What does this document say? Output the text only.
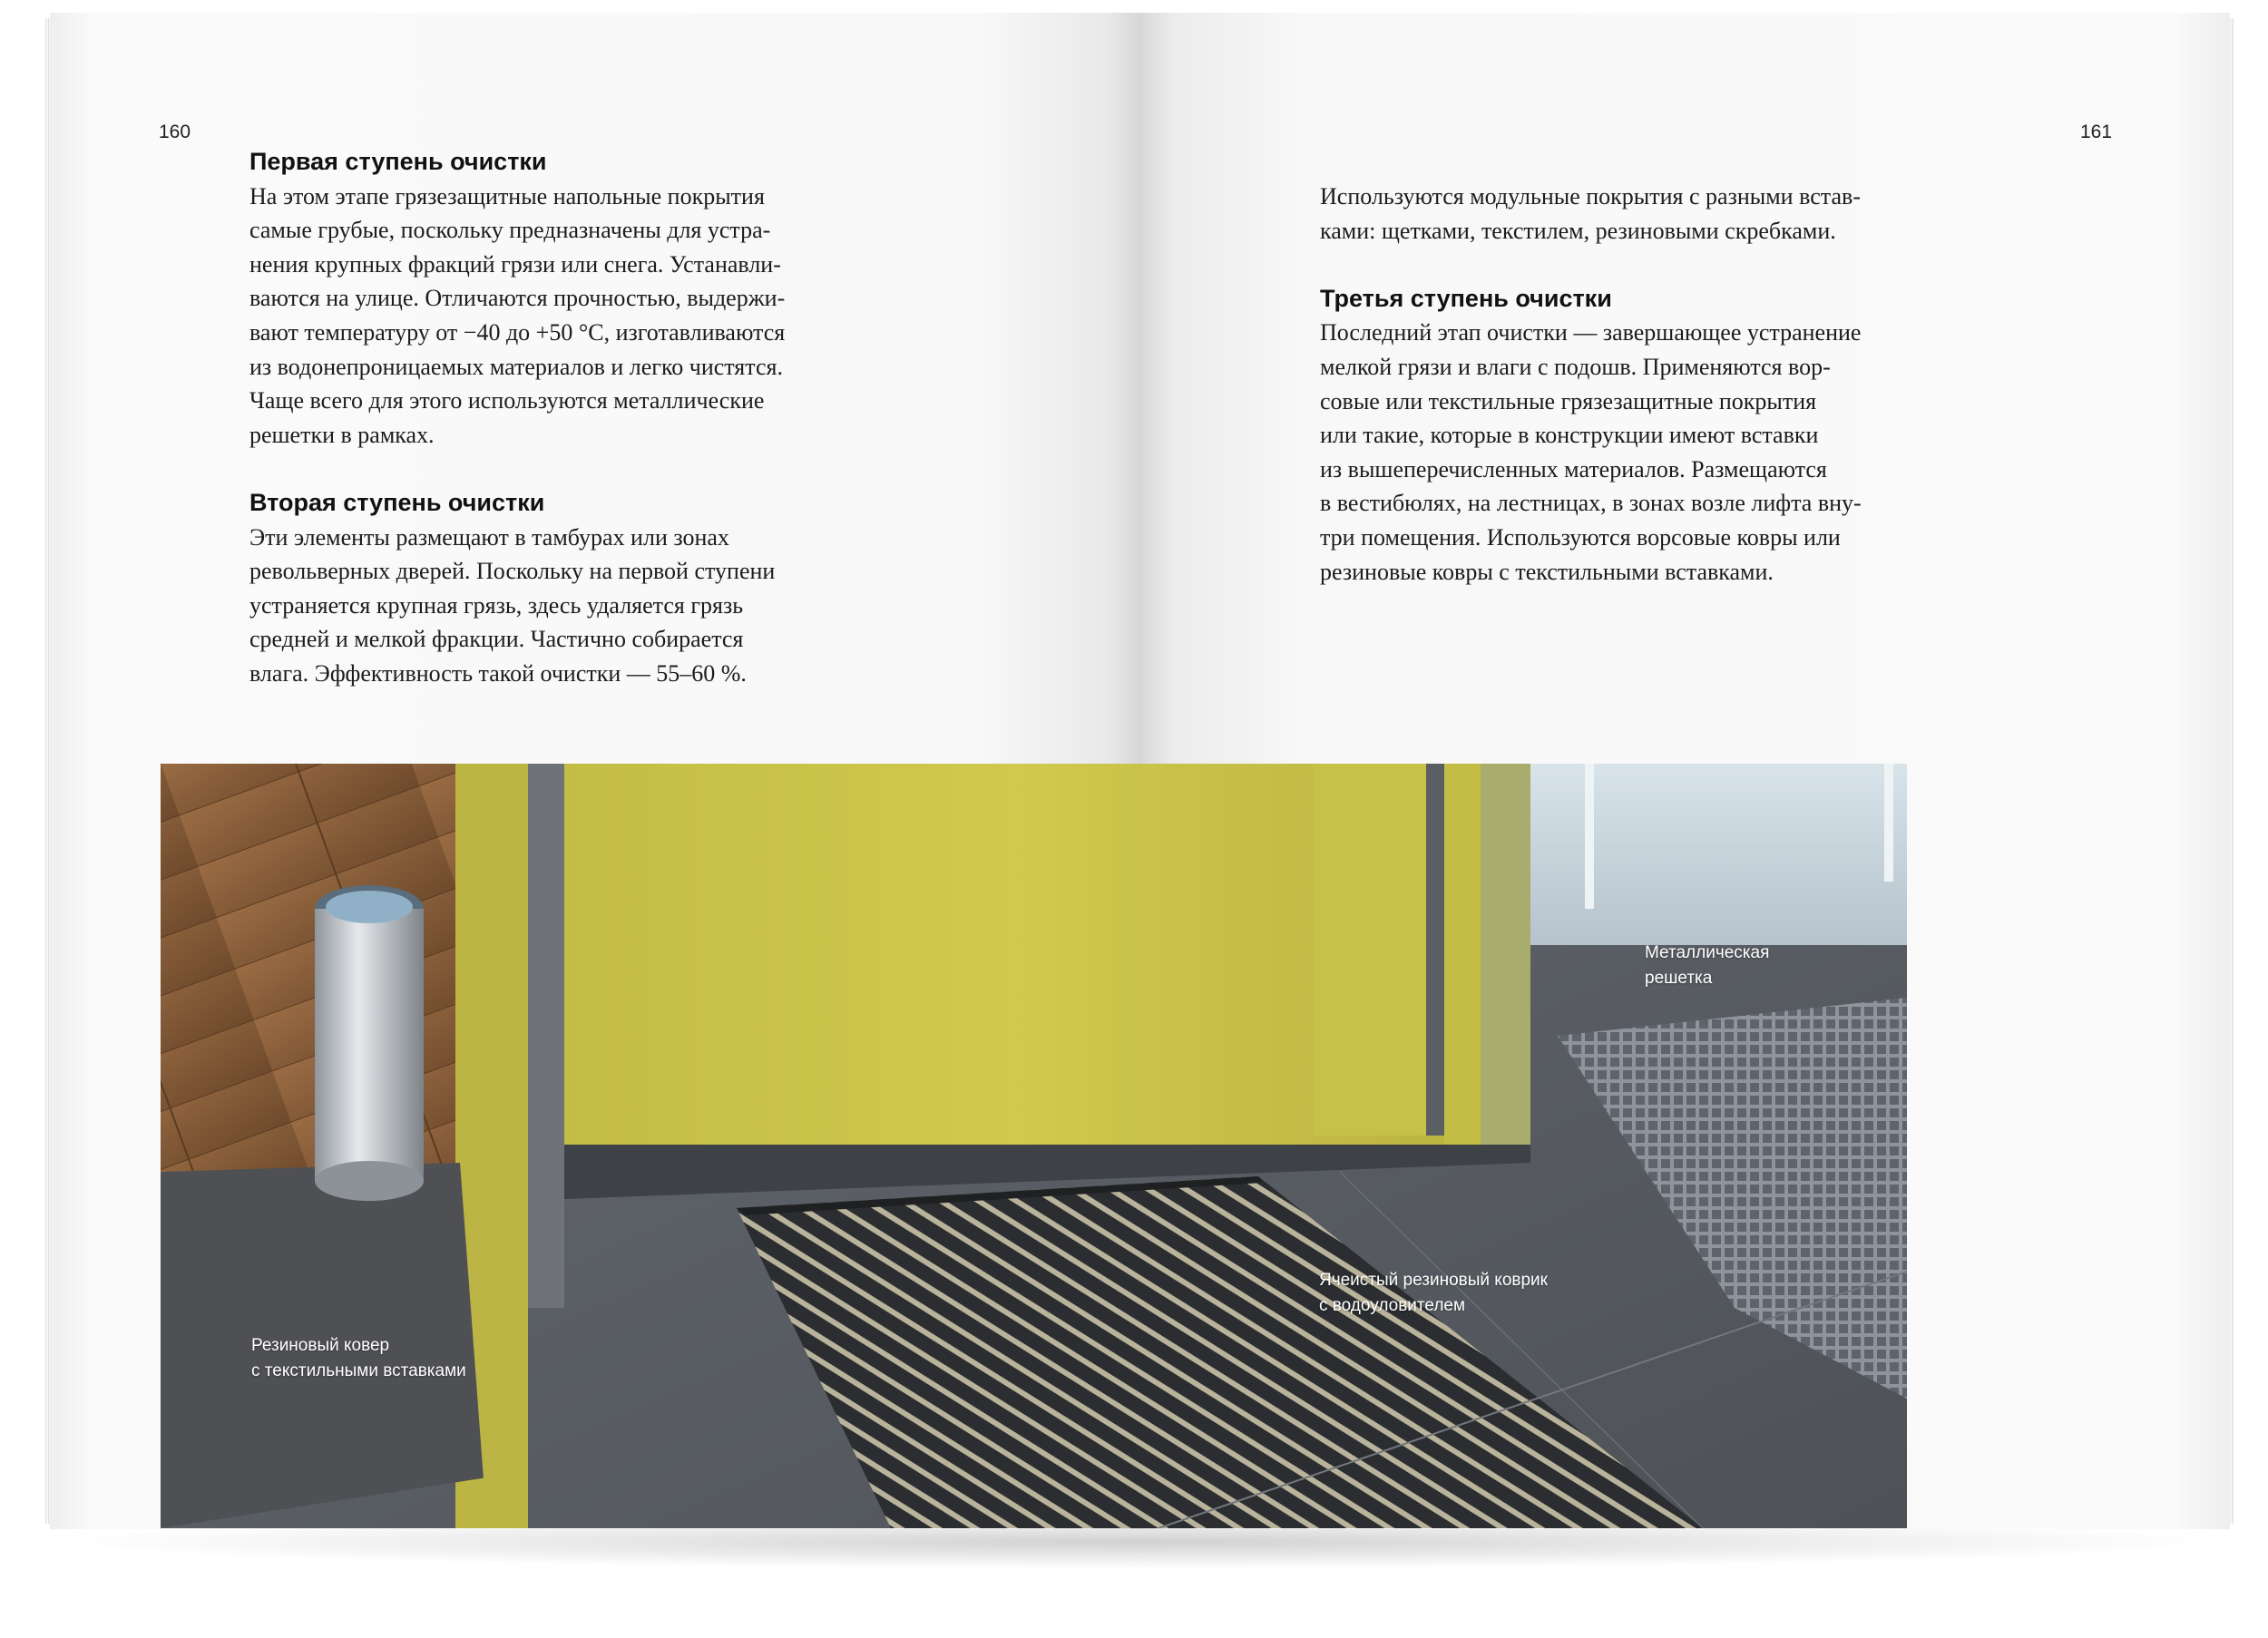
160
Первая ступень очистки

На этом этапе грязезащитные напольные покрытия
самые грубые, поскольку предназначены для устра-
нения крупных фракций грязи или снега. Устанавли-
ваются на улице. Отличаются прочностью, выдержи-
вают температуру от −40 до +50 °С, изготавливаются
из водонепроницаемых материалов и легко чистятся.
Чаще всего для этого используются металлические
решетки в рамках.

Вторая ступень очистки

Эти элементы размещают в тамбурах или зонах
револьверных дверей. Поскольку на первой ступени
устраняется крупная грязь, здесь удаляется грязь
средней и мелкой фракции. Частично собирается
влага. Эффективность такой очистки — 55–60 %.

161

Используются модульные покрытия с разными встав-
ками: щетками, текстилем, резиновыми скребками.

Третья ступень очистки

Последний этап очистки — завершающее устранение
мелкой грязи и влаги с подошв. Применяются вор-
совые или текстильные грязезащитные покрытия
или такие, которые в конструкции имеют вставки
из вышеперечисленных материалов. Размещаются
в вестибюлях, на лестницах, в зонах возле лифта вну-
три помещения. Используются ворсовые ковры или
резиновые ковры с текстильными вставками.

Резиновый ковер
с текстильными вставками
Ячеистый резиновый коврик
с водоуловителем
Металлическая
решетка
